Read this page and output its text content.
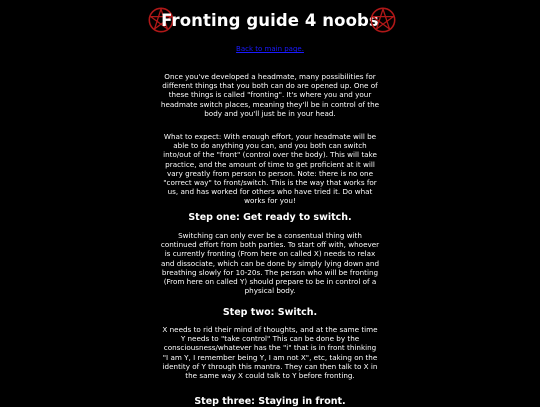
Fronting guide 4 noobs
Back to main page.
Once you've developed a headmate, many possibilities for different things that you both can do are opened up. One of these things is called "fronting". It's where you and your headmate switch places, meaning they'll be in control of the body and you'll just be in your head.
What to expect: With enough effort, your headmate will be able to do anything you can, and you both can switch into/out of the "front" (control over the body). This will take practice, and the amount of time to get proficient at it will vary greatly from person to person. Note: there is no one "correct way" to front/switch. This is the way that works for us, and has worked for others who have tried it. Do what works for you!
Step one: Get ready to switch.
Switching can only ever be a consentual thing with continued effort from both parties. To start off with, whoever is currently fronting (From here on called X) needs to relax and dissociate, which can be done by simply lying down and breathing slowly for 10-20s. The person who will be fronting (From here on called Y) should prepare to be in control of a physical body.
Step two: Switch.
X needs to rid their mind of thoughts, and at the same time Y needs to "take control" This can be done by the consciousness/whatever has the "i" that is in front thinking "I am Y, I remember being Y, I am not X", etc, taking on the identity of Y through this mantra. They can then talk to X in the same way X could talk to Y before fronting.
Step three: Staying in front.
